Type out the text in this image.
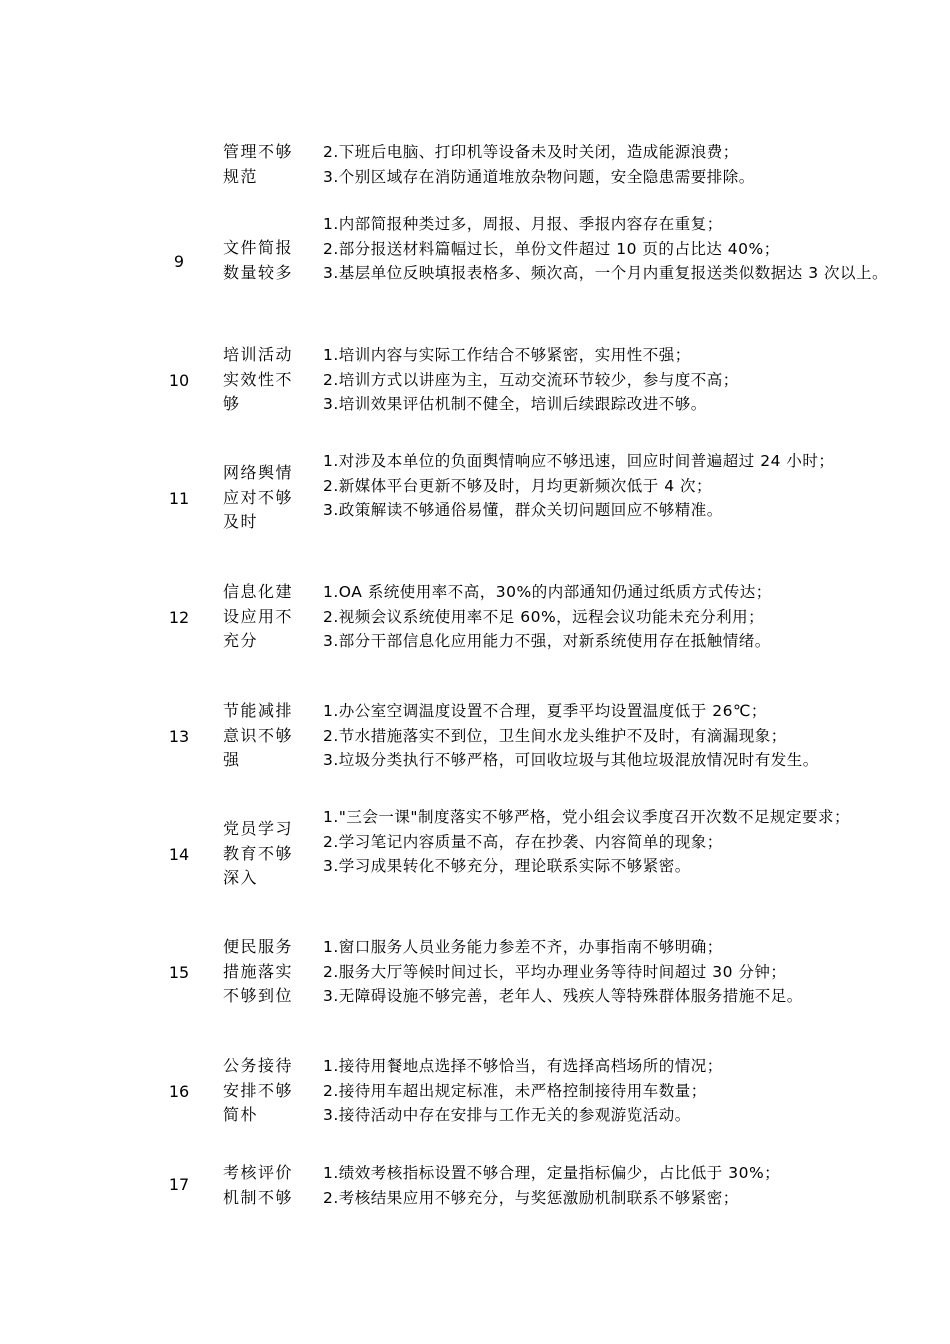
管理不够规范
2.下班后电脑、打印机等设备未及时关闭，造成能源浪费；
3.个别区域存在消防通道堆放杂物问题，安全隐患需要排除。
9
文件简报数量较多
1.内部简报种类过多，周报、月报、季报内容存在重复；
2.部分报送材料篇幅过长，单份文件超过 10 页的占比达 40%；
3.基层单位反映填报表格多、频次高，一个月内重复报送类似数据达 3 次以上。
10
培训活动实效性不够
1.培训内容与实际工作结合不够紧密，实用性不强；
2.培训方式以讲座为主，互动交流环节较少，参与度不高；
3.培训效果评估机制不健全，培训后续跟踪改进不够。
11
网络舆情应对不够及时
1.对涉及本单位的负面舆情响应不够迅速，回应时间普遍超过 24 小时；
2.新媒体平台更新不够及时，月均更新频次低于 4 次；
3.政策解读不够通俗易懂，群众关切问题回应不够精准。
12
信息化建设应用不充分
1.OA 系统使用率不高，30%的内部通知仍通过纸质方式传达；
2.视频会议系统使用率不足 60%，远程会议功能未充分利用；
3.部分干部信息化应用能力不强，对新系统使用存在抵触情绪。
13
节能减排意识不够强
1.办公室空调温度设置不合理，夏季平均设置温度低于 26℃；
2.节水措施落实不到位，卫生间水龙头维护不及时，有滴漏现象；
3.垃圾分类执行不够严格，可回收垃圾与其他垃圾混放情况时有发生。
14
党员学习教育不够深入
1."三会一课"制度落实不够严格，党小组会议季度召开次数不足规定要求；
2.学习笔记内容质量不高，存在抄袭、内容简单的现象；
3.学习成果转化不够充分，理论联系实际不够紧密。
15
便民服务措施落实不够到位
1.窗口服务人员业务能力参差不齐，办事指南不够明确；
2.服务大厅等候时间过长，平均办理业务等待时间超过 30 分钟；
3.无障碍设施不够完善，老年人、残疾人等特殊群体服务措施不足。
16
公务接待安排不够简朴
1.接待用餐地点选择不够恰当，有选择高档场所的情况；
2.接待用车超出规定标准，未严格控制接待用车数量；
3.接待活动中存在安排与工作无关的参观游览活动。
17
考核评价机制不够
1.绩效考核指标设置不够合理，定量指标偏少，占比低于 30%；
2.考核结果应用不够充分，与奖惩激励机制联系不够紧密；
